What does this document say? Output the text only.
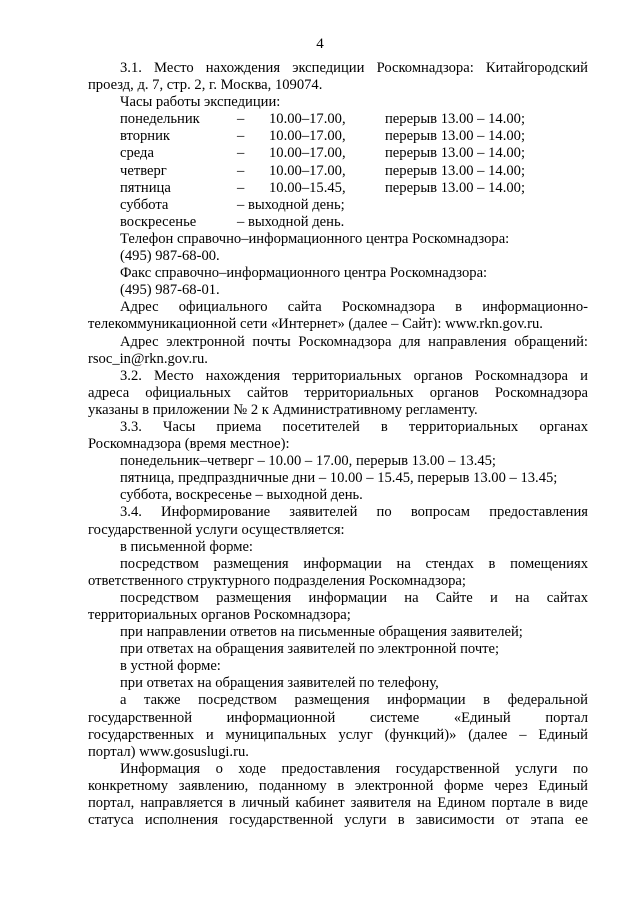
4

3.1. Место нахождения экспедиции Роскомнадзора: Китайгородский

проезд, д. 7, стр. 2, г. Москва, 109074.

Часы работы экспедиции:

понедельник	–	10.00–17.00,	перерыв 13.00 – 14.00;
вторник	–	10.00–17.00,	перерыв 13.00 – 14.00;
среда	–	10.00–17.00,	перерыв 13.00 – 14.00;
четверг	–	10.00–17.00,	перерыв 13.00 – 14.00;
пятница	–	10.00–15.45,	перерыв 13.00 – 14.00;
суббота	– выходной день;
воскресенье	– выходной день.

Телефон справочно–информационного центра Роскомнадзора:

(495) 987-68-00.

Факс справочно–информационного центра Роскомнадзора:

(495) 987-68-01.

Адрес официального сайта Роскомнадзора в информационно-

телекоммуникационной сети «Интернет» (далее – Сайт): www.rkn.gov.ru.

Адрес электронной почты Роскомнадзора для направления обращений:

rsoc_in@rkn.gov.ru.

3.2. Место нахождения территориальных органов Роскомнадзора и

адреса официальных сайтов территориальных органов Роскомнадзора

указаны в приложении № 2 к Административному регламенту.

3.3. Часы приема посетителей в территориальных органах

Роскомнадзора (время местное):

понедельник–четверг – 10.00 – 17.00, перерыв 13.00 – 13.45;

пятница, предпраздничные дни – 10.00 – 15.45, перерыв 13.00 – 13.45;

суббота, воскресенье – выходной день.

3.4. Информирование заявителей по вопросам предоставления

государственной услуги осуществляется:

в письменной форме:

посредством размещения информации на стендах в помещениях

ответственного структурного подразделения Роскомнадзора;

посредством размещения информации на Сайте и на сайтах

территориальных органов Роскомнадзора;

при направлении ответов на письменные обращения заявителей;

при ответах на обращения заявителей по электронной почте;

в устной форме:

при ответах на обращения заявителей по телефону,

а также посредством размещения информации в федеральной

государственной информационной системе «Единый портал

государственных и муниципальных услуг (функций)» (далее – Единый

портал) www.gosuslugi.ru.

Информация о ходе предоставления государственной услуги по

конкретному заявлению, поданному в электронной форме через Единый

портал, направляется в личный кабинет заявителя на Едином портале в виде

статуса исполнения государственной услуги в зависимости от этапа ее
